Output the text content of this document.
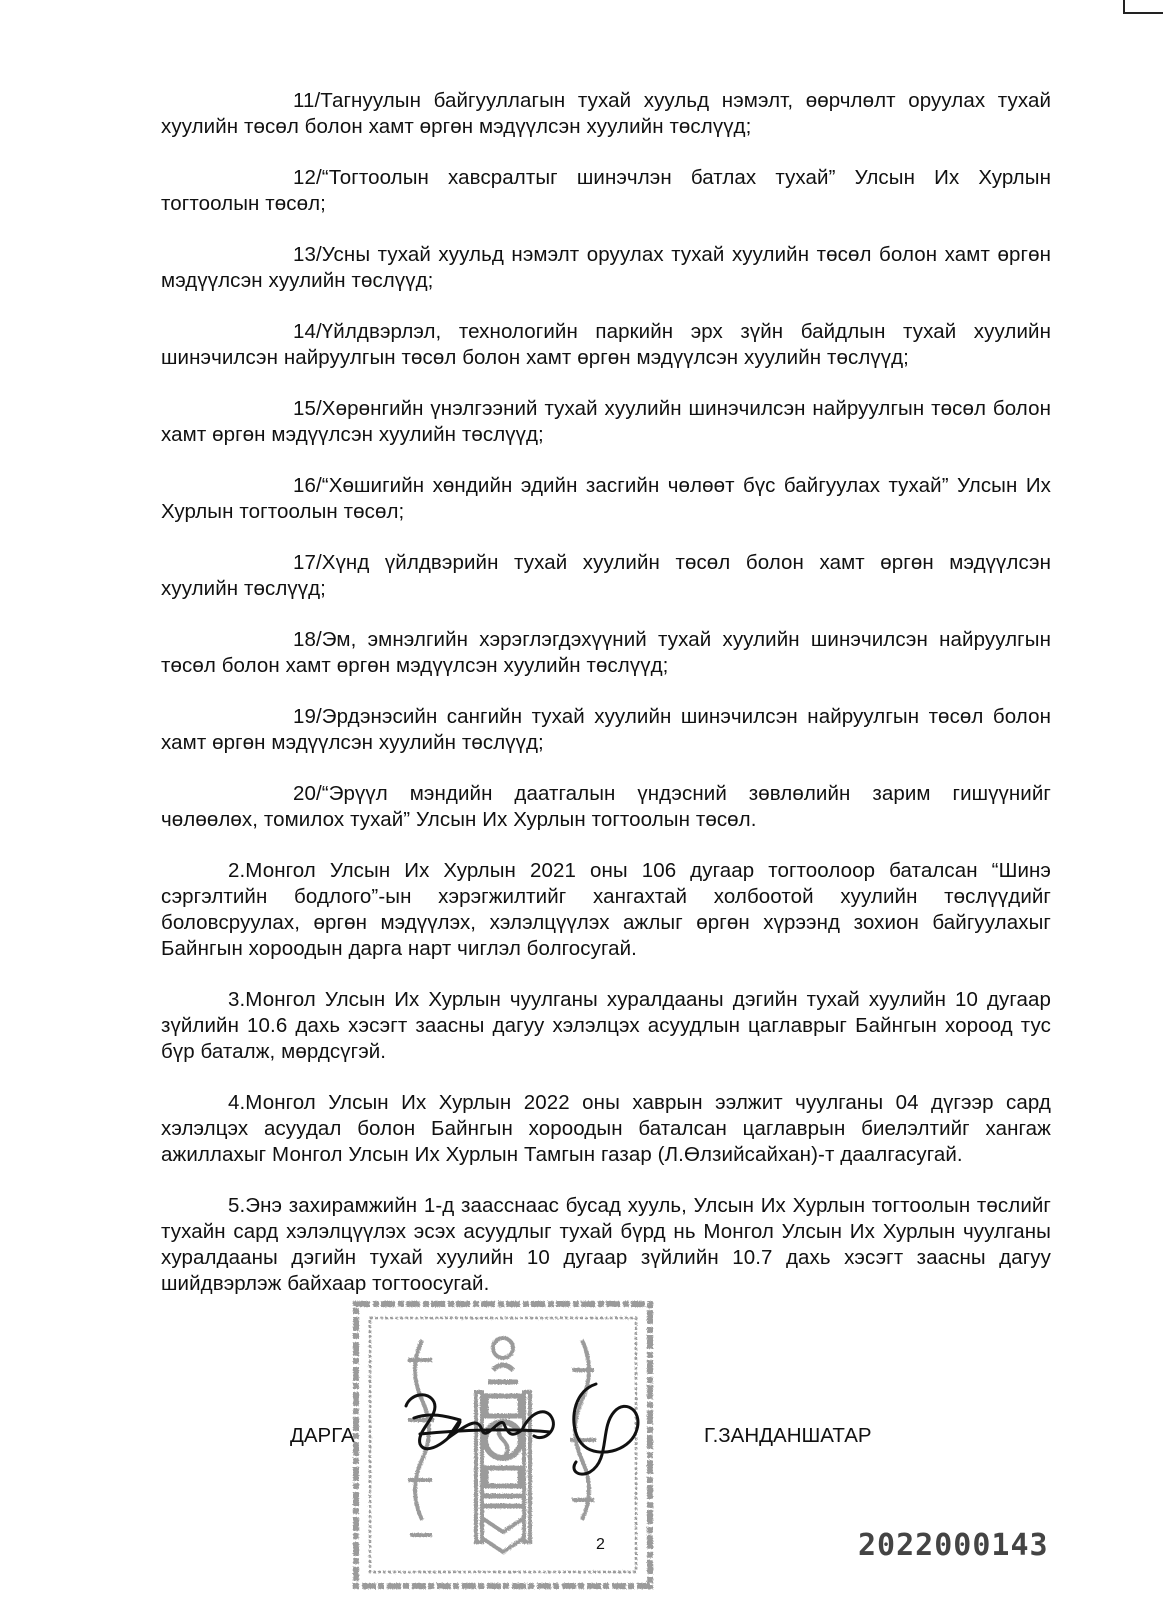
11/Тагнуулын байгууллагын тухай хуульд нэмэлт, өөрчлөлт оруулах тухай хуулийн төсөл болон хамт өргөн мэдүүлсэн хуулийн төслүүд;

12/“Тогтоолын хавсралтыг шинэчлэн батлах тухай” Улсын Их Хурлын тогтоолын төсөл;

13/Усны тухай хуульд нэмэлт оруулах тухай хуулийн төсөл болон хамт өргөн мэдүүлсэн хуулийн төслүүд;

14/Үйлдвэрлэл, технологийн паркийн эрх зүйн байдлын тухай хуулийн шинэчилсэн найруулгын төсөл болон хамт өргөн мэдүүлсэн хуулийн төслүүд;

15/Хөрөнгийн үнэлгээний тухай хуулийн шинэчилсэн найруулгын төсөл болон хамт өргөн мэдүүлсэн хуулийн төслүүд;

16/“Хөшигийн хөндийн эдийн засгийн чөлөөт бүс байгуулах тухай” Улсын Их Хурлын тогтоолын төсөл;

17/Хүнд үйлдвэрийн тухай хуулийн төсөл болон хамт өргөн мэдүүлсэн хуулийн төслүүд;

18/Эм, эмнэлгийн хэрэглэгдэхүүний тухай хуулийн шинэчилсэн найруулгын төсөл болон хамт өргөн мэдүүлсэн хуулийн төслүүд;

19/Эрдэнэсийн сангийн тухай хуулийн шинэчилсэн найруулгын төсөл болон хамт өргөн мэдүүлсэн хуулийн төслүүд;

20/“Эрүүл мэндийн даатгалын үндэсний зөвлөлийн зарим гишүүнийг чөлөөлөх, томилох тухай” Улсын Их Хурлын тогтоолын төсөл.

2.Монгол Улсын Их Хурлын 2021 оны 106 дугаар тогтоолоор баталсан “Шинэ сэргэлтийн бодлого”-ын хэрэгжилтийг хангахтай холбоотой хуулийн төслүүдийг боловсруулах, өргөн мэдүүлэх, хэлэлцүүлэх ажлыг өргөн хүрээнд зохион байгуулахыг Байнгын хороодын дарга нарт чиглэл болгосугай.

3.Монгол Улсын Их Хурлын чуулганы хуралдааны дэгийн тухай хуулийн 10 дугаар зүйлийн 10.6 дахь хэсэгт заасны дагуу хэлэлцэх асуудлын цаглаврыг Байнгын хороод тус бүр баталж, мөрдсүгэй.

4.Монгол Улсын Их Хурлын 2022 оны хаврын ээлжит чуулганы 04 дүгээр сард хэлэлцэх асуудал болон Байнгын хороодын баталсан цаглаврын биелэлтийг хангаж ажиллахыг Монгол Улсын Их Хурлын Тамгын газар (Л.Өлзийсайхан)-т даалгасугай.

5.Энэ захирамжийн 1-д заасснаас бусад хууль, Улсын Их Хурлын тогтоолын төслийг тухайн сард хэлэлцүүлэх эсэх асуудлыг тухай бүрд нь Монгол Улсын Их Хурлын чуулганы хуралдааны дэгийн тухай хуулийн 10 дугаар зүйлийн 10.7 дахь хэсэгт заасны дагуу шийдвэрлэж байхаар тогтоосугай.

ДАРГА	Г.ЗАНДАНШАТАР

2	2022000143
